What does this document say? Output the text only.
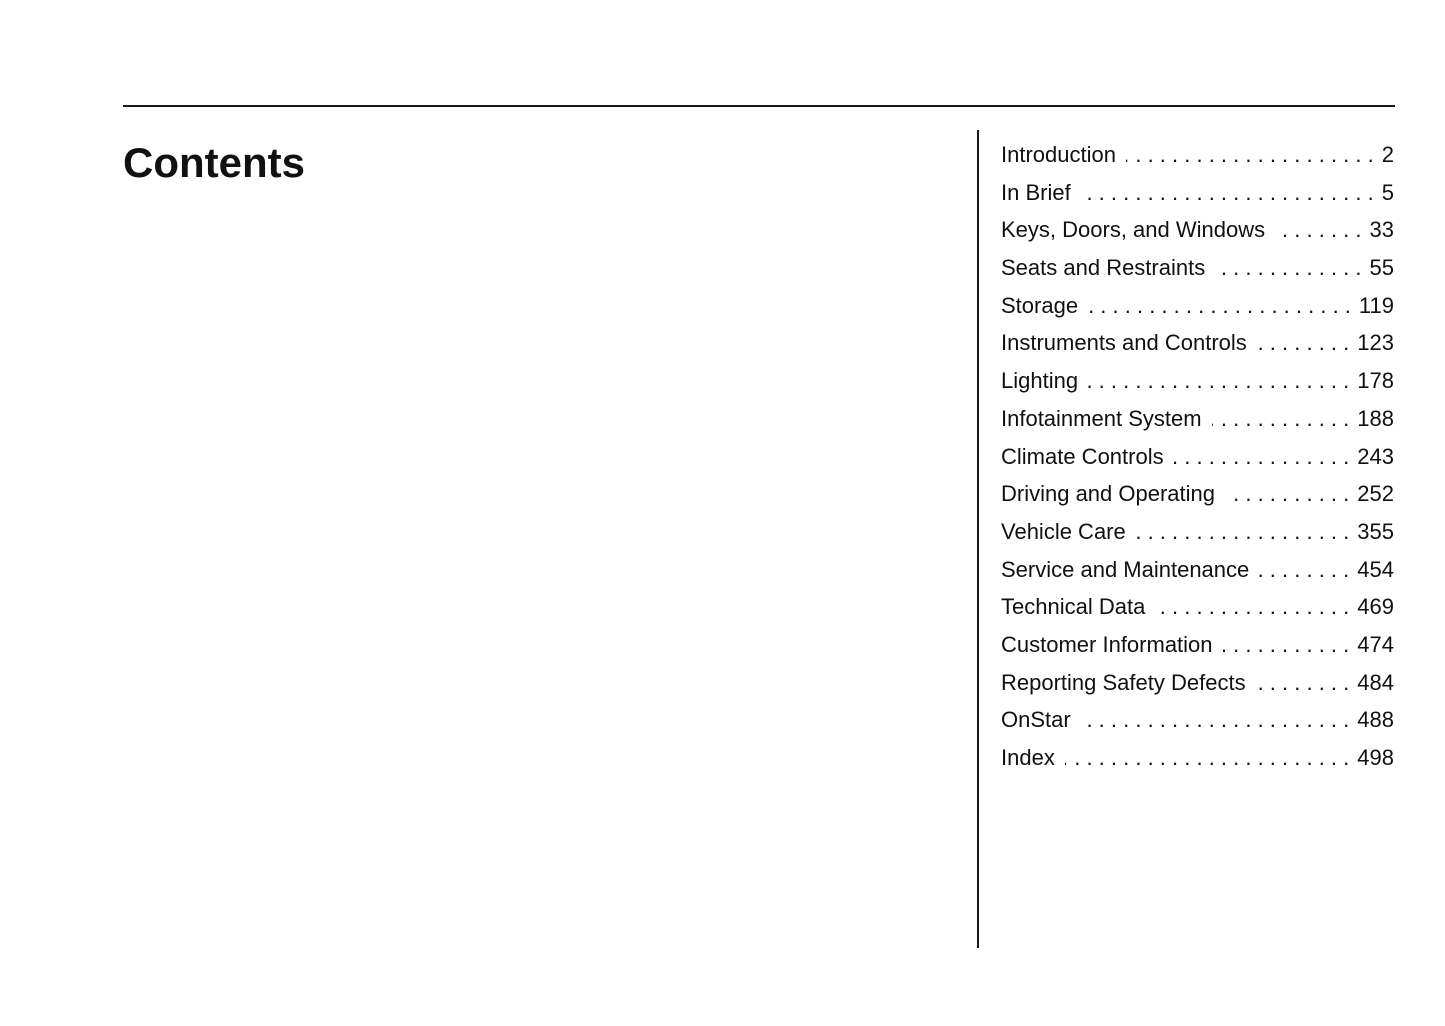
Contents	Introduction . . .	2
In Brief . . .	5
Keys, Doors, and Windows . . .	33
Seats and Restraints . . .	55
Storage . . .	119
Instruments and Controls . . .	123
Lighting . . .	178
Infotainment System . . .	188
Climate Controls . . .	243
Driving and Operating . . .	252
Vehicle Care . . .	355
Service and Maintenance . . .	454
Technical Data . . .	469
Customer Information . . .	474
Reporting Safety Defects . . .	484
OnStar . . .	488
Index . . .	498
